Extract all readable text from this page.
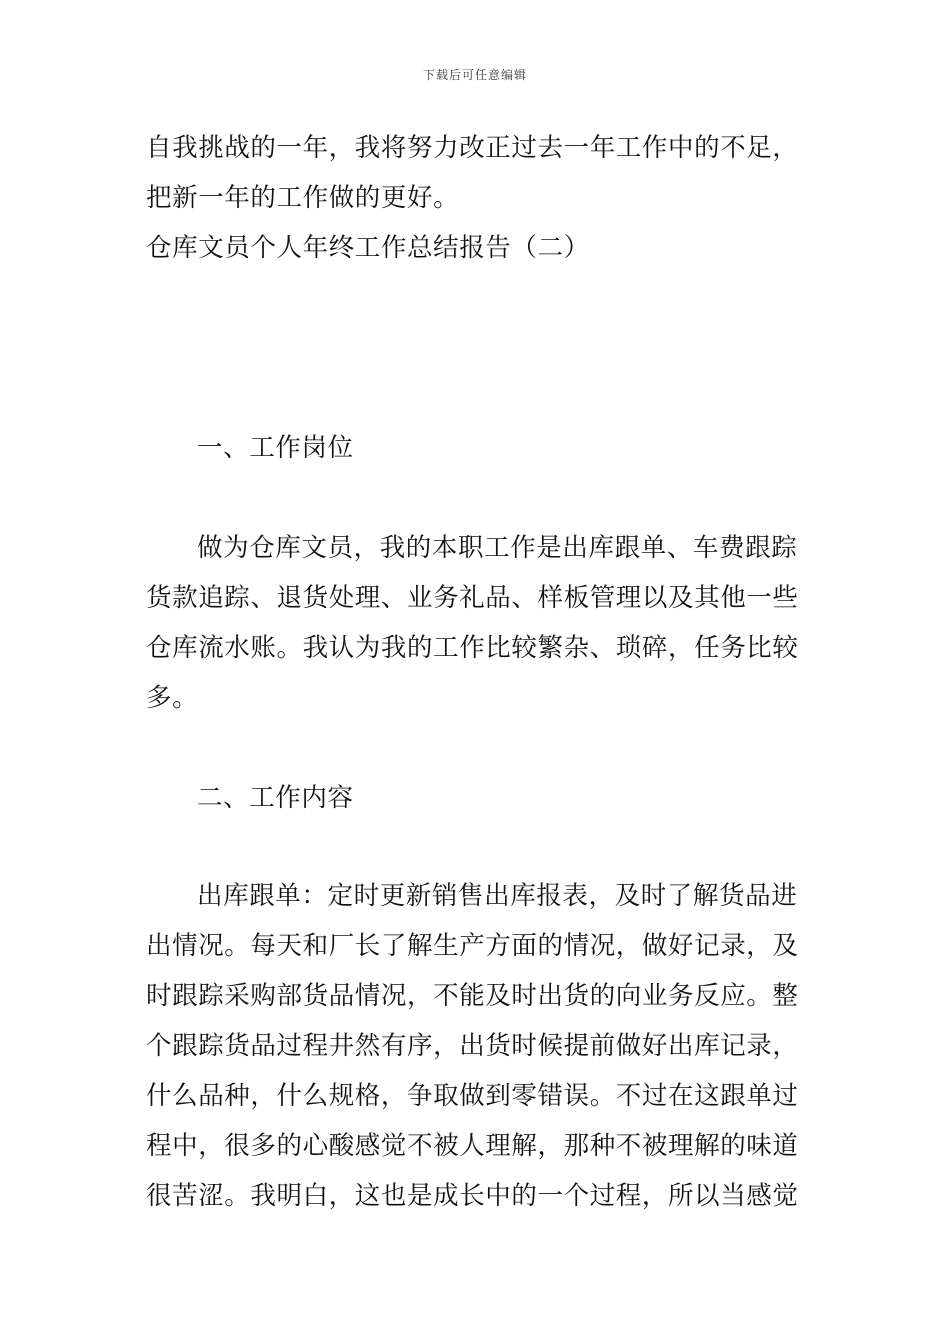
下载后可任意编辑
自我挑战的一年，我将努力改正过去一年工作中的不足，
把新一年的工作做的更好。
仓库文员个人年终工作总结报告（二）
一、工作岗位
做为仓库文员，我的本职工作是出库跟单、车费跟踪
货款追踪、退货处理、业务礼品、样板管理以及其他一些
仓库流水账。我认为我的工作比较繁杂、琐碎，任务比较
多。
二、工作内容
出库跟单：定时更新销售出库报表，及时了解货品进
出情况。每天和厂长了解生产方面的情况，做好记录，及
时跟踪采购部货品情况，不能及时出货的向业务反应。整
个跟踪货品过程井然有序，出货时候提前做好出库记录，
什么品种，什么规格，争取做到零错误。不过在这跟单过
程中，很多的心酸感觉不被人理解，那种不被理解的味道
很苦涩。我明白，这也是成长中的一个过程，所以当感觉
